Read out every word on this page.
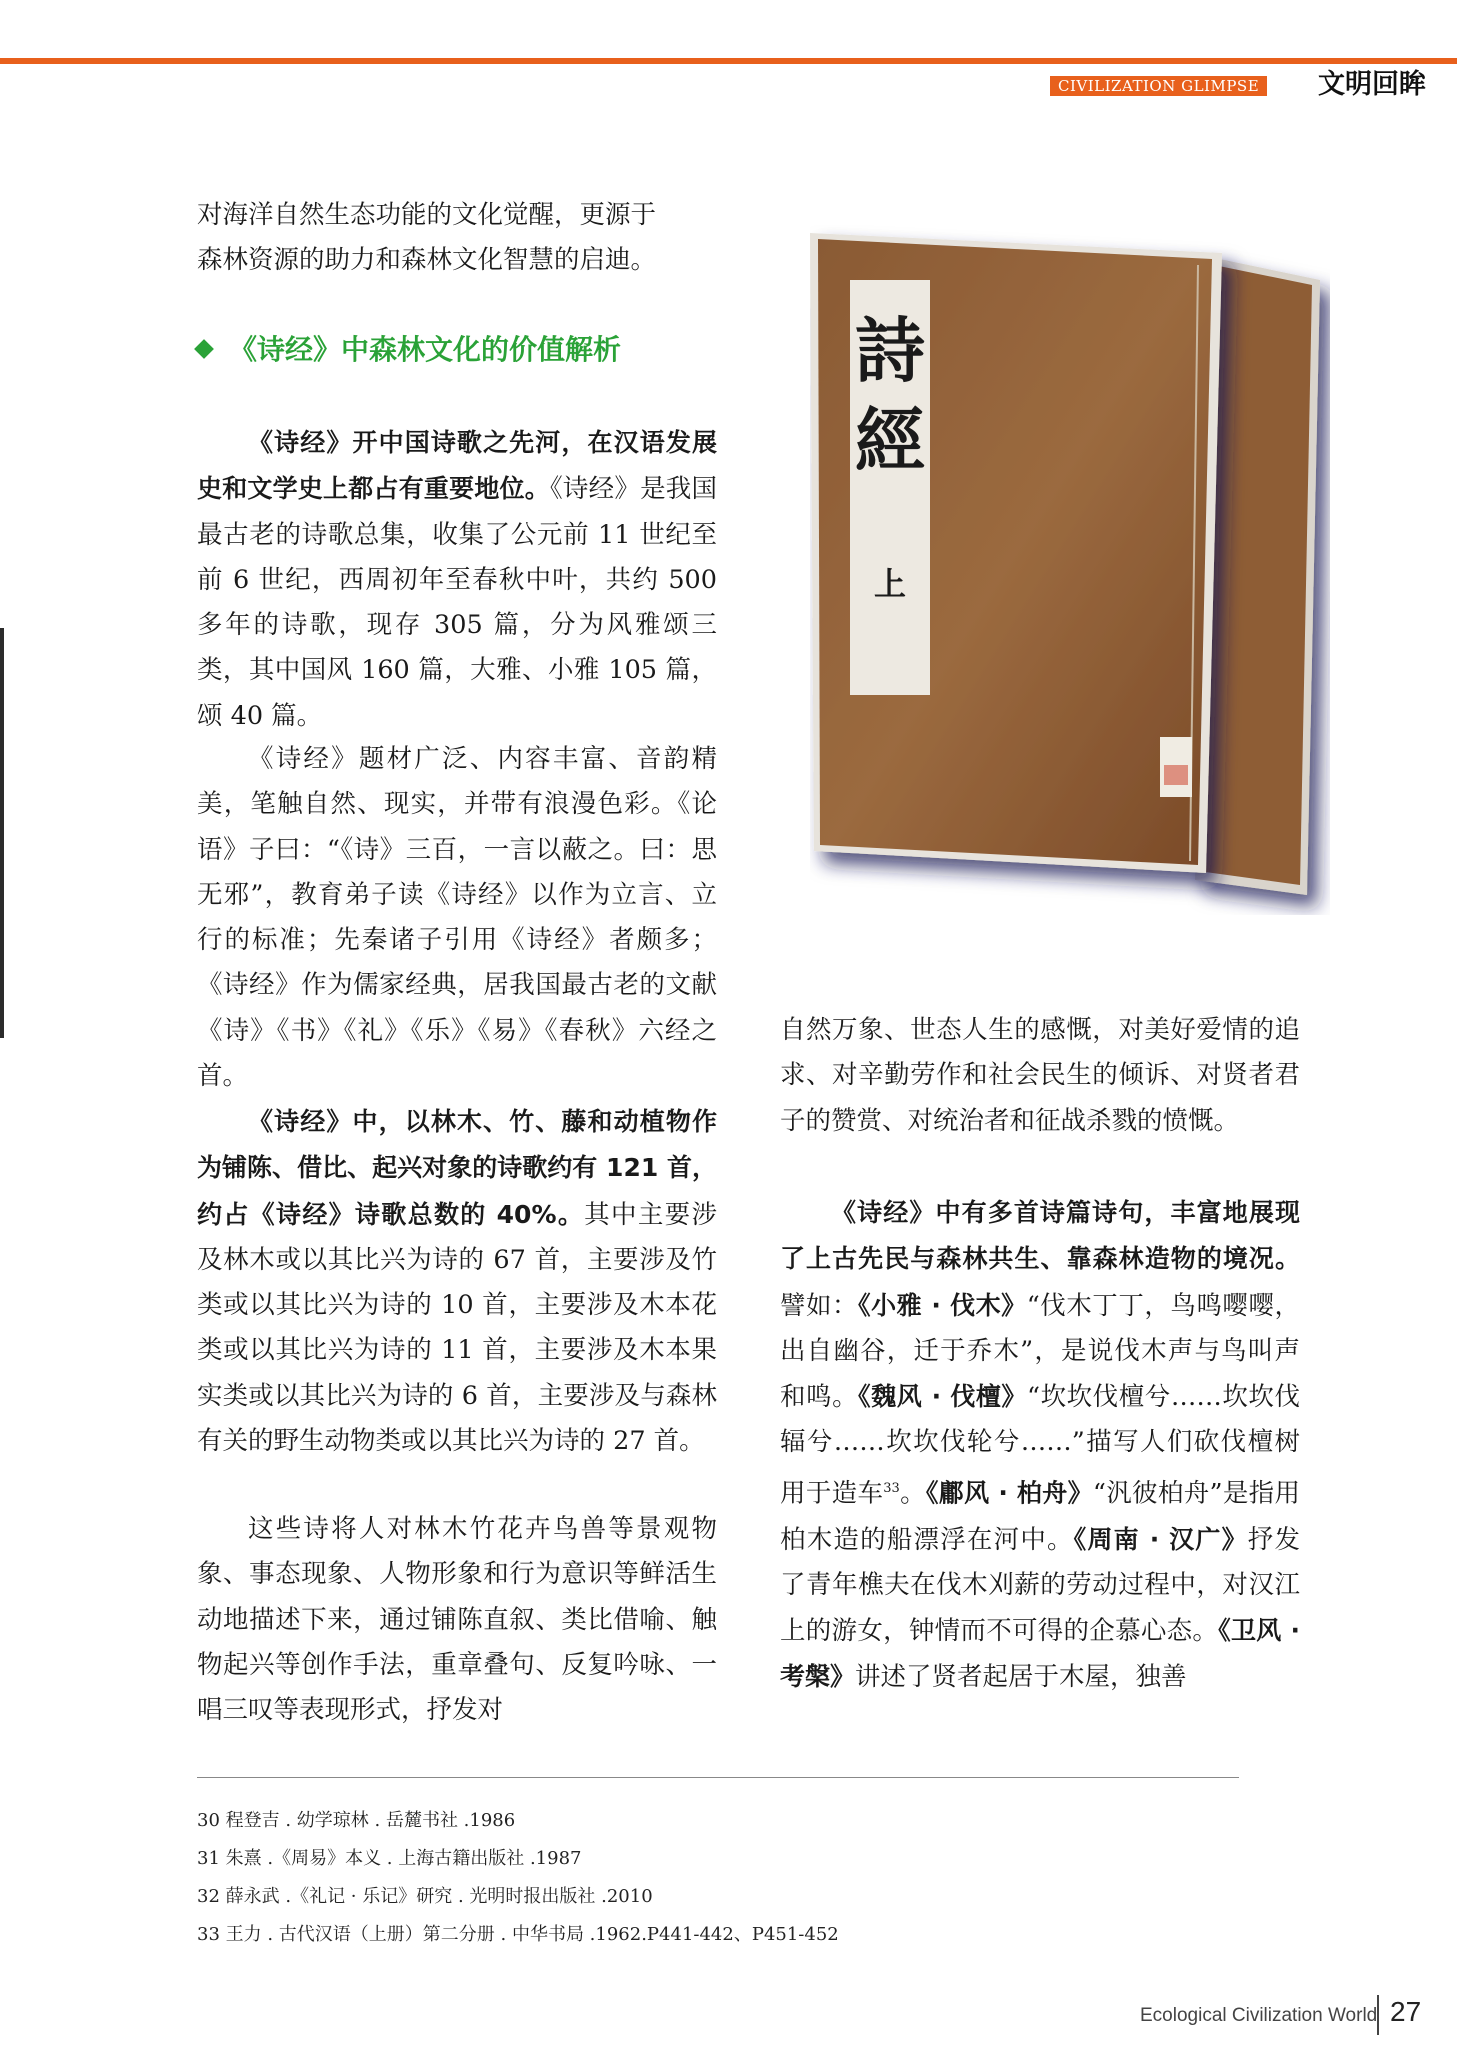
CIVILIZATION GLIMPSE 文明回眸
对海洋自然生态功能的文化觉醒，更源于
森林资源的助力和森林文化智慧的启迪。
《诗经》中森林文化的价值解析
《诗经》开中国诗歌之先河，在汉语发展史和文学史上都占有重要地位。《诗经》是我国最古老的诗歌总集，收集了公元前 11 世纪至前 6 世纪，西周初年至春秋中叶，共约 500 多年的诗歌，现存 305 篇，分为风雅颂三类，其中国风 160 篇，大雅、小雅 105 篇，颂 40 篇。
《诗经》题材广泛、内容丰富、音韵精美，笔触自然、现实，并带有浪漫色彩。《论语》子曰：“《诗》三百，一言以蔽之。曰：思无邪”，教育弟子读《诗经》以作为立言、立行的标准；先秦诸子引用《诗经》者颇多；《诗经》作为儒家经典，居我国最古老的文献《诗》《书》《礼》《乐》《易》《春秋》六经之首。
《诗经》中，以林木、竹、藤和动植物作为铺陈、借比、起兴对象的诗歌约有 121 首，约占《诗经》诗歌总数的 40%。其中主要涉及林木或以其比兴为诗的 67 首，主要涉及竹类或以其比兴为诗的 10 首，主要涉及木本花类或以其比兴为诗的 11 首，主要涉及木本果实类或以其比兴为诗的 6 首，主要涉及与森林有关的野生动物类或以其比兴为诗的 27 首。
这些诗将人对林木竹花卉鸟兽等景观物象、事态现象、人物形象和行为意识等鲜活生动地描述下来，通过铺陈直叙、类比借喻、触物起兴等创作手法，重章叠句、反复吟咏、一唱三叹等表现形式，抒发对
詩
經
上
自然万象、世态人生的感慨，对美好爱情的追求、对辛勤劳作和社会民生的倾诉、对贤者君子的赞赏、对统治者和征战杀戮的愤慨。
《诗经》中有多首诗篇诗句，丰富地展现了上古先民与森林共生、靠森林造物的境况。譬如：《小雅 · 伐木》“伐木丁丁，鸟鸣嘤嘤，出自幽谷，迁于乔木”，是说伐木声与鸟叫声和鸣。《魏风 · 伐檀》“坎坎伐檀兮……坎坎伐辐兮……坎坎伐轮兮……”描写人们砍伐檀树用于造车$^{33}$。《鄘风 · 柏舟》“汎彼柏舟”是指用柏木造的船漂浮在河中。《周南 · 汉广》抒发了青年樵夫在伐木刈薪的劳动过程中，对汉江上的游女，钟情而不可得的企慕心态。《卫风 · 考槃》讲述了贤者起居于木屋，独善
30 程登吉 . 幼学琼林 . 岳麓书社 .1986
31 朱熹 .《周易》本义 . 上海古籍出版社 .1987
32 薛永武 .《礼记 · 乐记》研究 . 光明时报出版社 .2010
33 王力 . 古代汉语（上册）第二分册 . 中华书局 .1962.P441-442、P451-452
Ecological Civilization World 27
